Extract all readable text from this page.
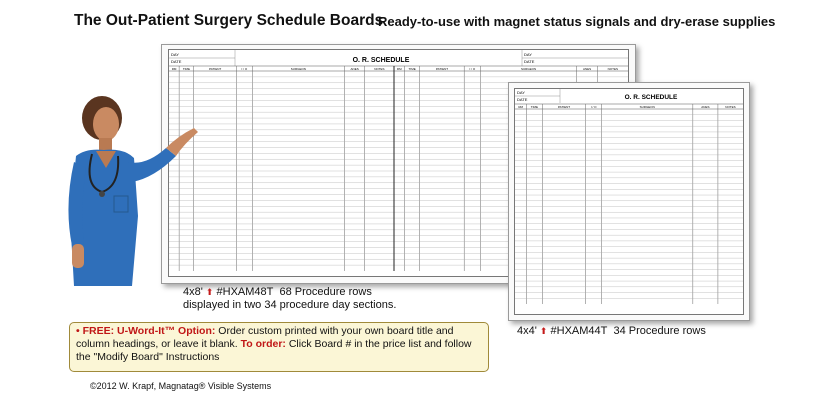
The Out-Patient Surgery Schedule Boards
Ready-to-use with magnet status signals and dry-erase supplies
DAY
DATE	O. R. SCHEDULE
DAY
DATE
RM TIME	PATIENT	I / O	SURGEON	ANES	NOTES	RM TIME	PATIENT	I / O	SURGEON	ANES	NOTES
4x8' ⬆ #HXAM48T 68 Procedure rows
displayed in two 34 procedure day sections.
DAY
DATE	O. R. SCHEDULE
RM	TIME	PATIENT	I / O	SURGEON	ANES	NOTES
4x4' ⬆ #HXAM44T 34 Procedure rows
• FREE: U-Word-It™ Option: Order custom printed with your own board title and column headings, or leave it blank. To order: Click Board # in the price list and follow the "Modify Board" Instructions
©2012 W. Krapf, Magnatag® Visible Systems
